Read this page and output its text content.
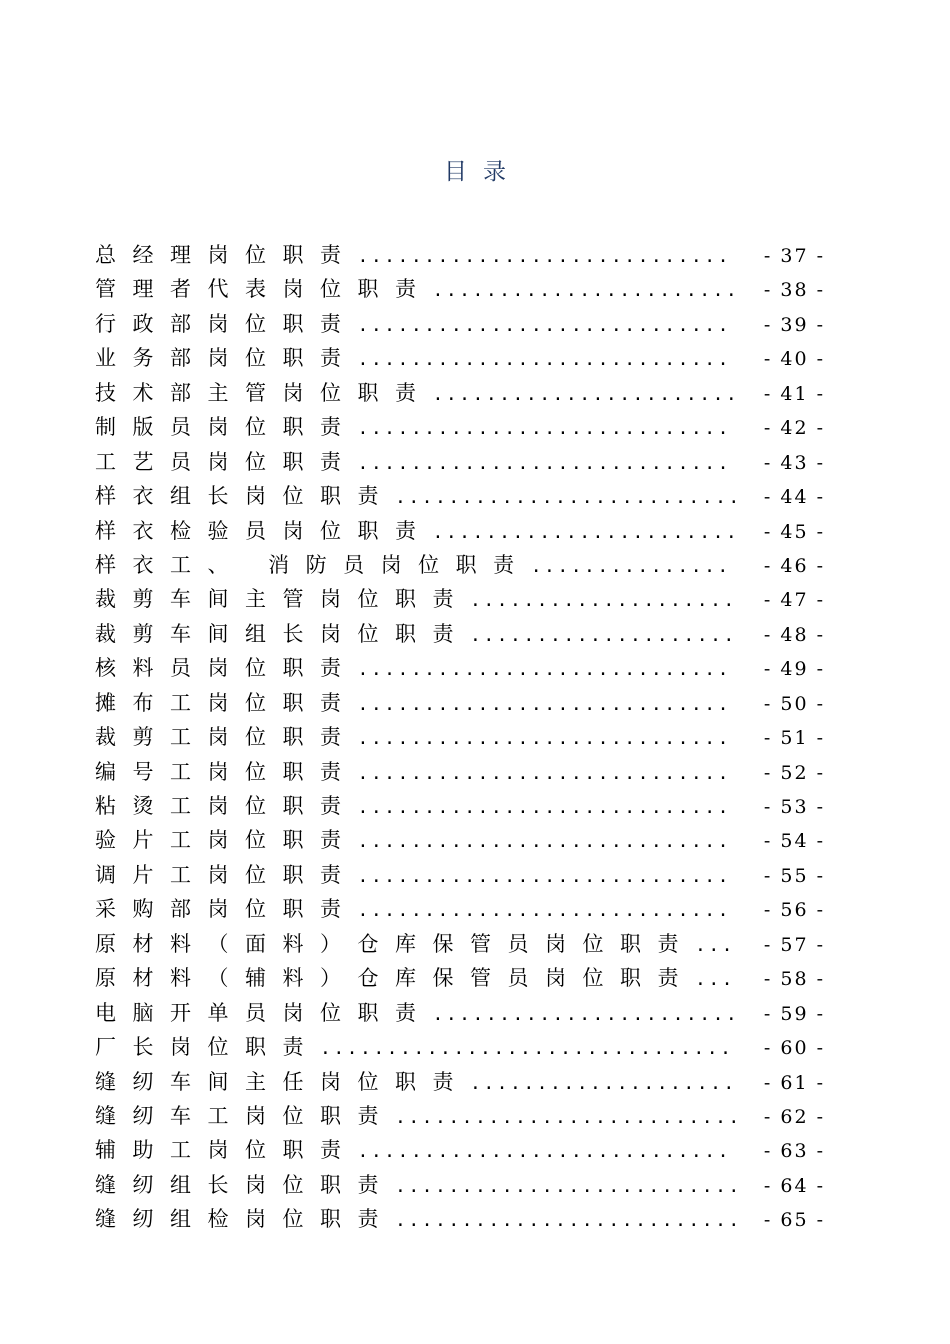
目录
总经理岗位职责 .....	- 37 -
管理者代表岗位职责 .....	- 38 -
行政部岗位职责 .....	- 39 -
业务部岗位职责 .....	- 40 -
技术部主管岗位职责 .....	- 41 -
制版员岗位职责 .....	- 42 -
工艺员岗位职责 .....	- 43 -
样衣组长岗位职责 .....	- 44 -
样衣检验员岗位职责 .....	- 45 -
样衣工、 消防员岗位职责 .....	- 46 -
裁剪车间主管岗位职责 .....	- 47 -
裁剪车间组长岗位职责 .....	- 48 -
核料员岗位职责 .....	- 49 -
摊布工岗位职责 .....	- 50 -
裁剪工岗位职责 .....	- 51 -
编号工岗位职责 .....	- 52 -
粘烫工岗位职责 .....	- 53 -
验片工岗位职责 .....	- 54 -
调片工岗位职责 .....	- 55 -
采购部岗位职责 .....	- 56 -
原材料（面料）仓库保管员岗位职责 .....	- 57 -
原材料（辅料）仓库保管员岗位职责 .....	- 58 -
电脑开单员岗位职责 .....	- 59 -
厂长岗位职责 .....	- 60 -
缝纫车间主任岗位职责 .....	- 61 -
缝纫车工岗位职责 .....	- 62 -
辅助工岗位职责 .....	- 63 -
缝纫组长岗位职责 .....	- 64 -
缝纫组检岗位职责 .....	- 65 -
